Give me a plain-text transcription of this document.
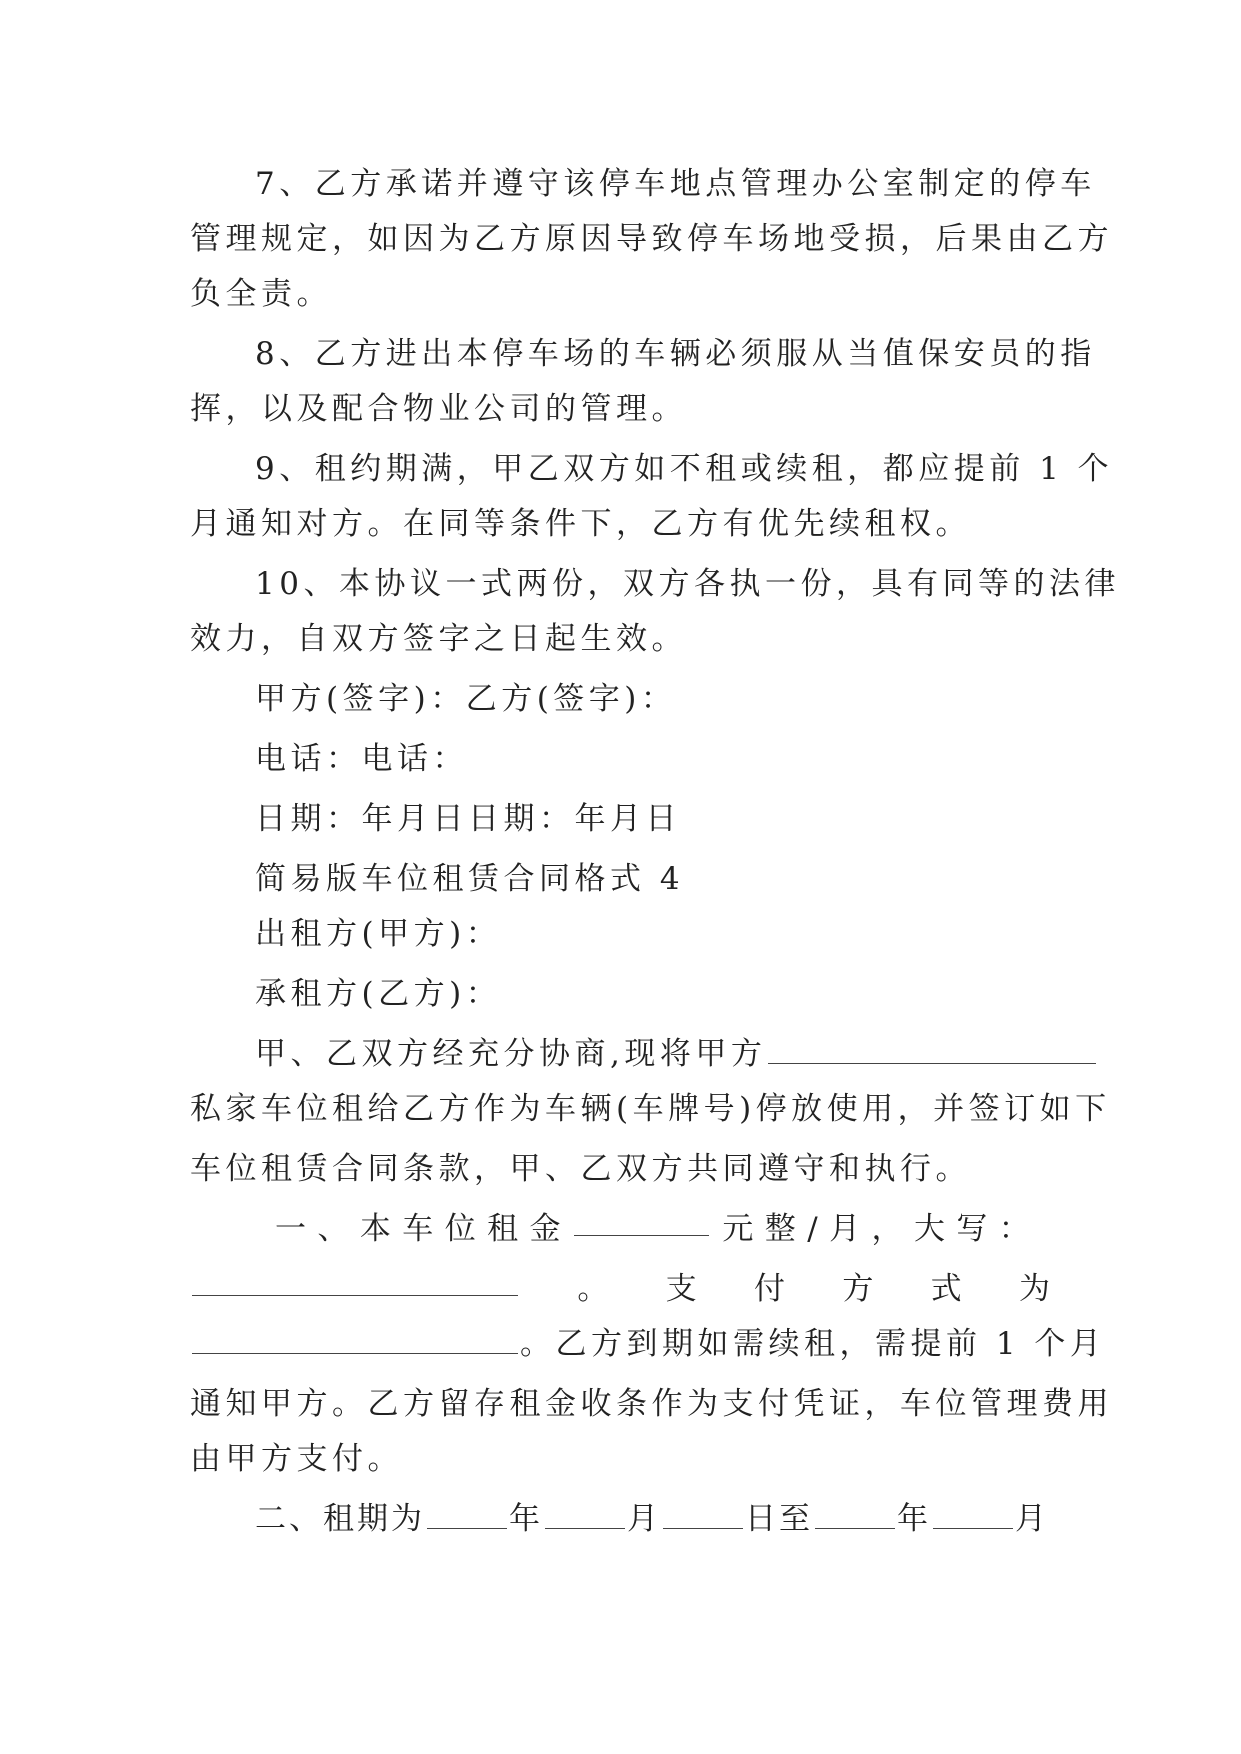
7、乙方承诺并遵守该停车地点管理办公室制定的停车
管理规定，如因为乙方原因导致停车场地受损，后果由乙方
负全责。
8、乙方进出本停车场的车辆必须服从当值保安员的指
挥，以及配合物业公司的管理。
9、租约期满，甲乙双方如不租或续租，都应提前 1 个
月通知对方。在同等条件下，乙方有优先续租权。
10、本协议一式两份，双方各执一份，具有同等的法律
效力，自双方签字之日起生效。
甲方(签字)：乙方(签字)：
电话：电话：
日期：年月日日期：年月日
简易版车位租赁合同格式 4
出租方(甲方)：
承租方(乙方)：
甲、乙双方经充分协商,现将甲方
私家车位租给乙方作为车辆(车牌号)停放使用，并签订如下
车位租赁合同条款，甲、乙双方共同遵守和执行。
一 、 本 车 位 租 金	元 整 / 月 ， 大 写 ：
。 支 付 方 式 为
。乙方到期如需续租，需提前 1 个月
通知甲方。乙方留存租金收条作为支付凭证，车位管理费用
由甲方支付。
二、租期为	年	月	日至	年	月
